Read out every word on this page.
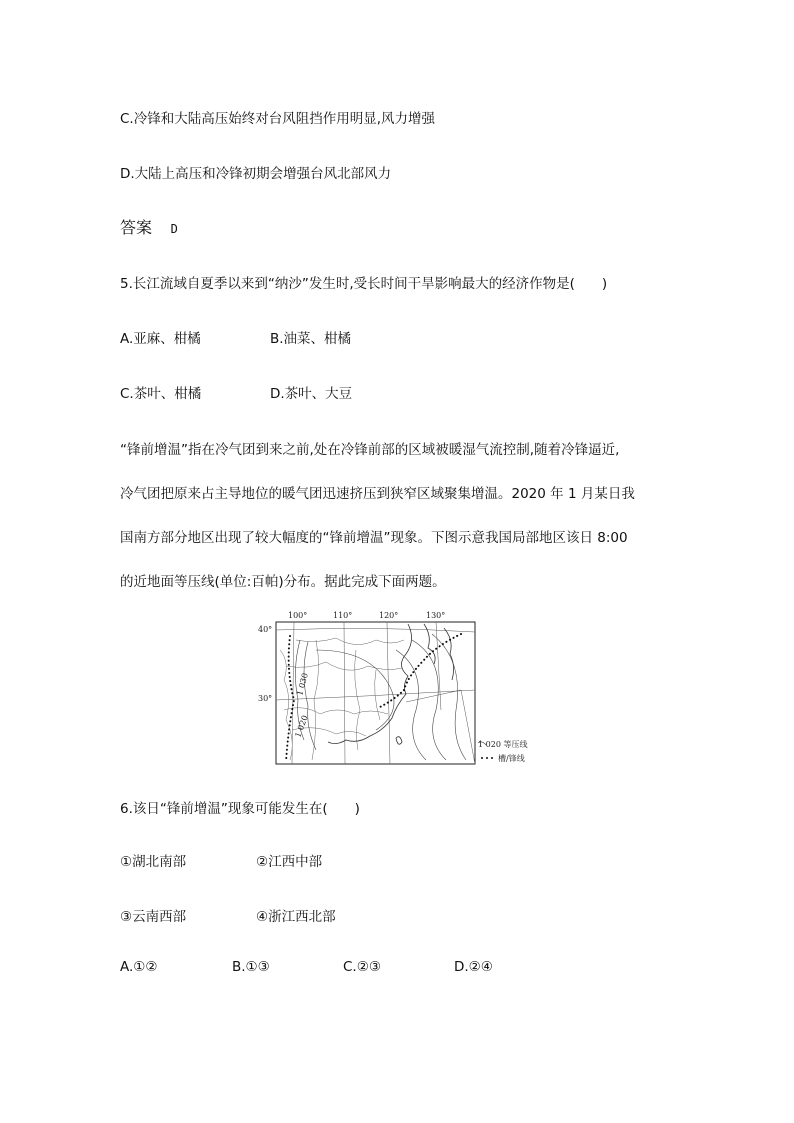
C.冷锋和大陆高压始终对台风阻挡作用明显,风力增强
D.大陆上高压和冷锋初期会增强台风北部风力
答案 D
5.长江流域自夏季以来到“纳沙”发生时,受长时间干旱影响最大的经济作物是(　　)
A.亚麻、柑橘	B.油菜、柑橘
C.茶叶、柑橘	D.茶叶、大豆
“锋前增温”指在冷气团到来之前,处在冷锋前部的区域被暖湿气流控制,随着冷锋逼近,
冷气团把原来占主导地位的暖气团迅速挤压到狭窄区域聚集增温。2020 年 1 月某日我
国南方部分地区出现了较大幅度的“锋前增温”现象。下图示意我国局部地区该日 8:00
的近地面等压线(单位:百帕)分布。据此完成下面两题。
100°	110°	120°	130°
40°
30°
1 030
1 020
1 020 等压线
槽/锋线
6.该日“锋前增温”现象可能发生在(　　)
①湖北南部	②江西中部
③云南西部	④浙江西北部
A.①②	B.①③	C.②③	D.②④
